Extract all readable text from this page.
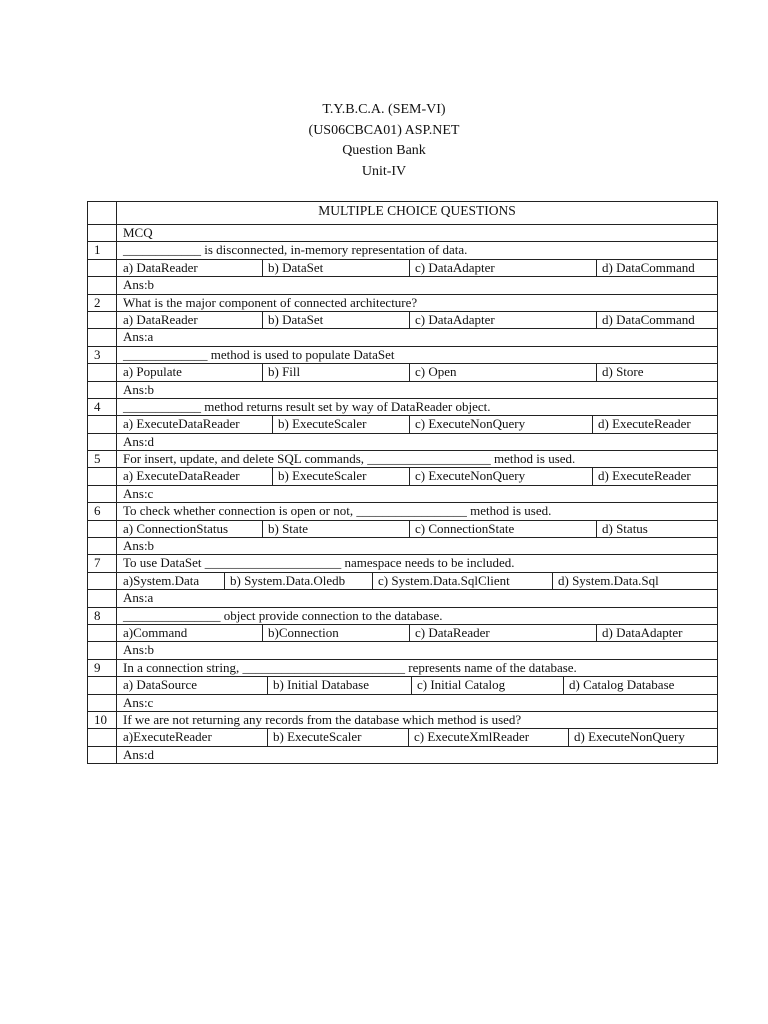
T.Y.B.C.A. (SEM-VI)
(US06CBCA01) ASP.NET
Question Bank
Unit-IV
MULTIPLE CHOICE QUESTIONS
MCQ
1	____________ is disconnected, in-memory representation of data.
a) DataReader	b) DataSet	c) DataAdapter	d) DataCommand
Ans:b
2	What is the major component of connected architecture?
a) DataReader	b) DataSet	c) DataAdapter	d) DataCommand
Ans:a
3	_____________ method is used to populate DataSet
a) Populate	b) Fill	c) Open	d) Store
Ans:b
4	____________ method returns result set by way of DataReader object.
a) ExecuteDataReader	b) ExecuteScaler	c) ExecuteNonQuery	d) ExecuteReader
Ans:d
5	For insert, update, and delete SQL commands, ___________________ method is used.
a) ExecuteDataReader	b) ExecuteScaler	c) ExecuteNonQuery	d) ExecuteReader
Ans:c
6	To check whether connection is open or not, _________________ method is used.
a) ConnectionStatus	b) State	c) ConnectionState	d) Status
Ans:b
7	To use DataSet _____________________ namespace needs to be included.
a)System.Data	b) System.Data.Oledb	c) System.Data.SqlClient	d) System.Data.Sql
Ans:a
8	_______________ object provide connection to the database.
a)Command	b)Connection	c) DataReader	d) DataAdapter
Ans:b
9	In a connection string, _________________________ represents name of the database.
a) DataSource	b) Initial Database	c) Initial Catalog	d) Catalog Database
Ans:c
10	If we are not returning any records from the database which method is used?
a)ExecuteReader	b) ExecuteScaler	c) ExecuteXmlReader	d) ExecuteNonQuery
Ans:d
